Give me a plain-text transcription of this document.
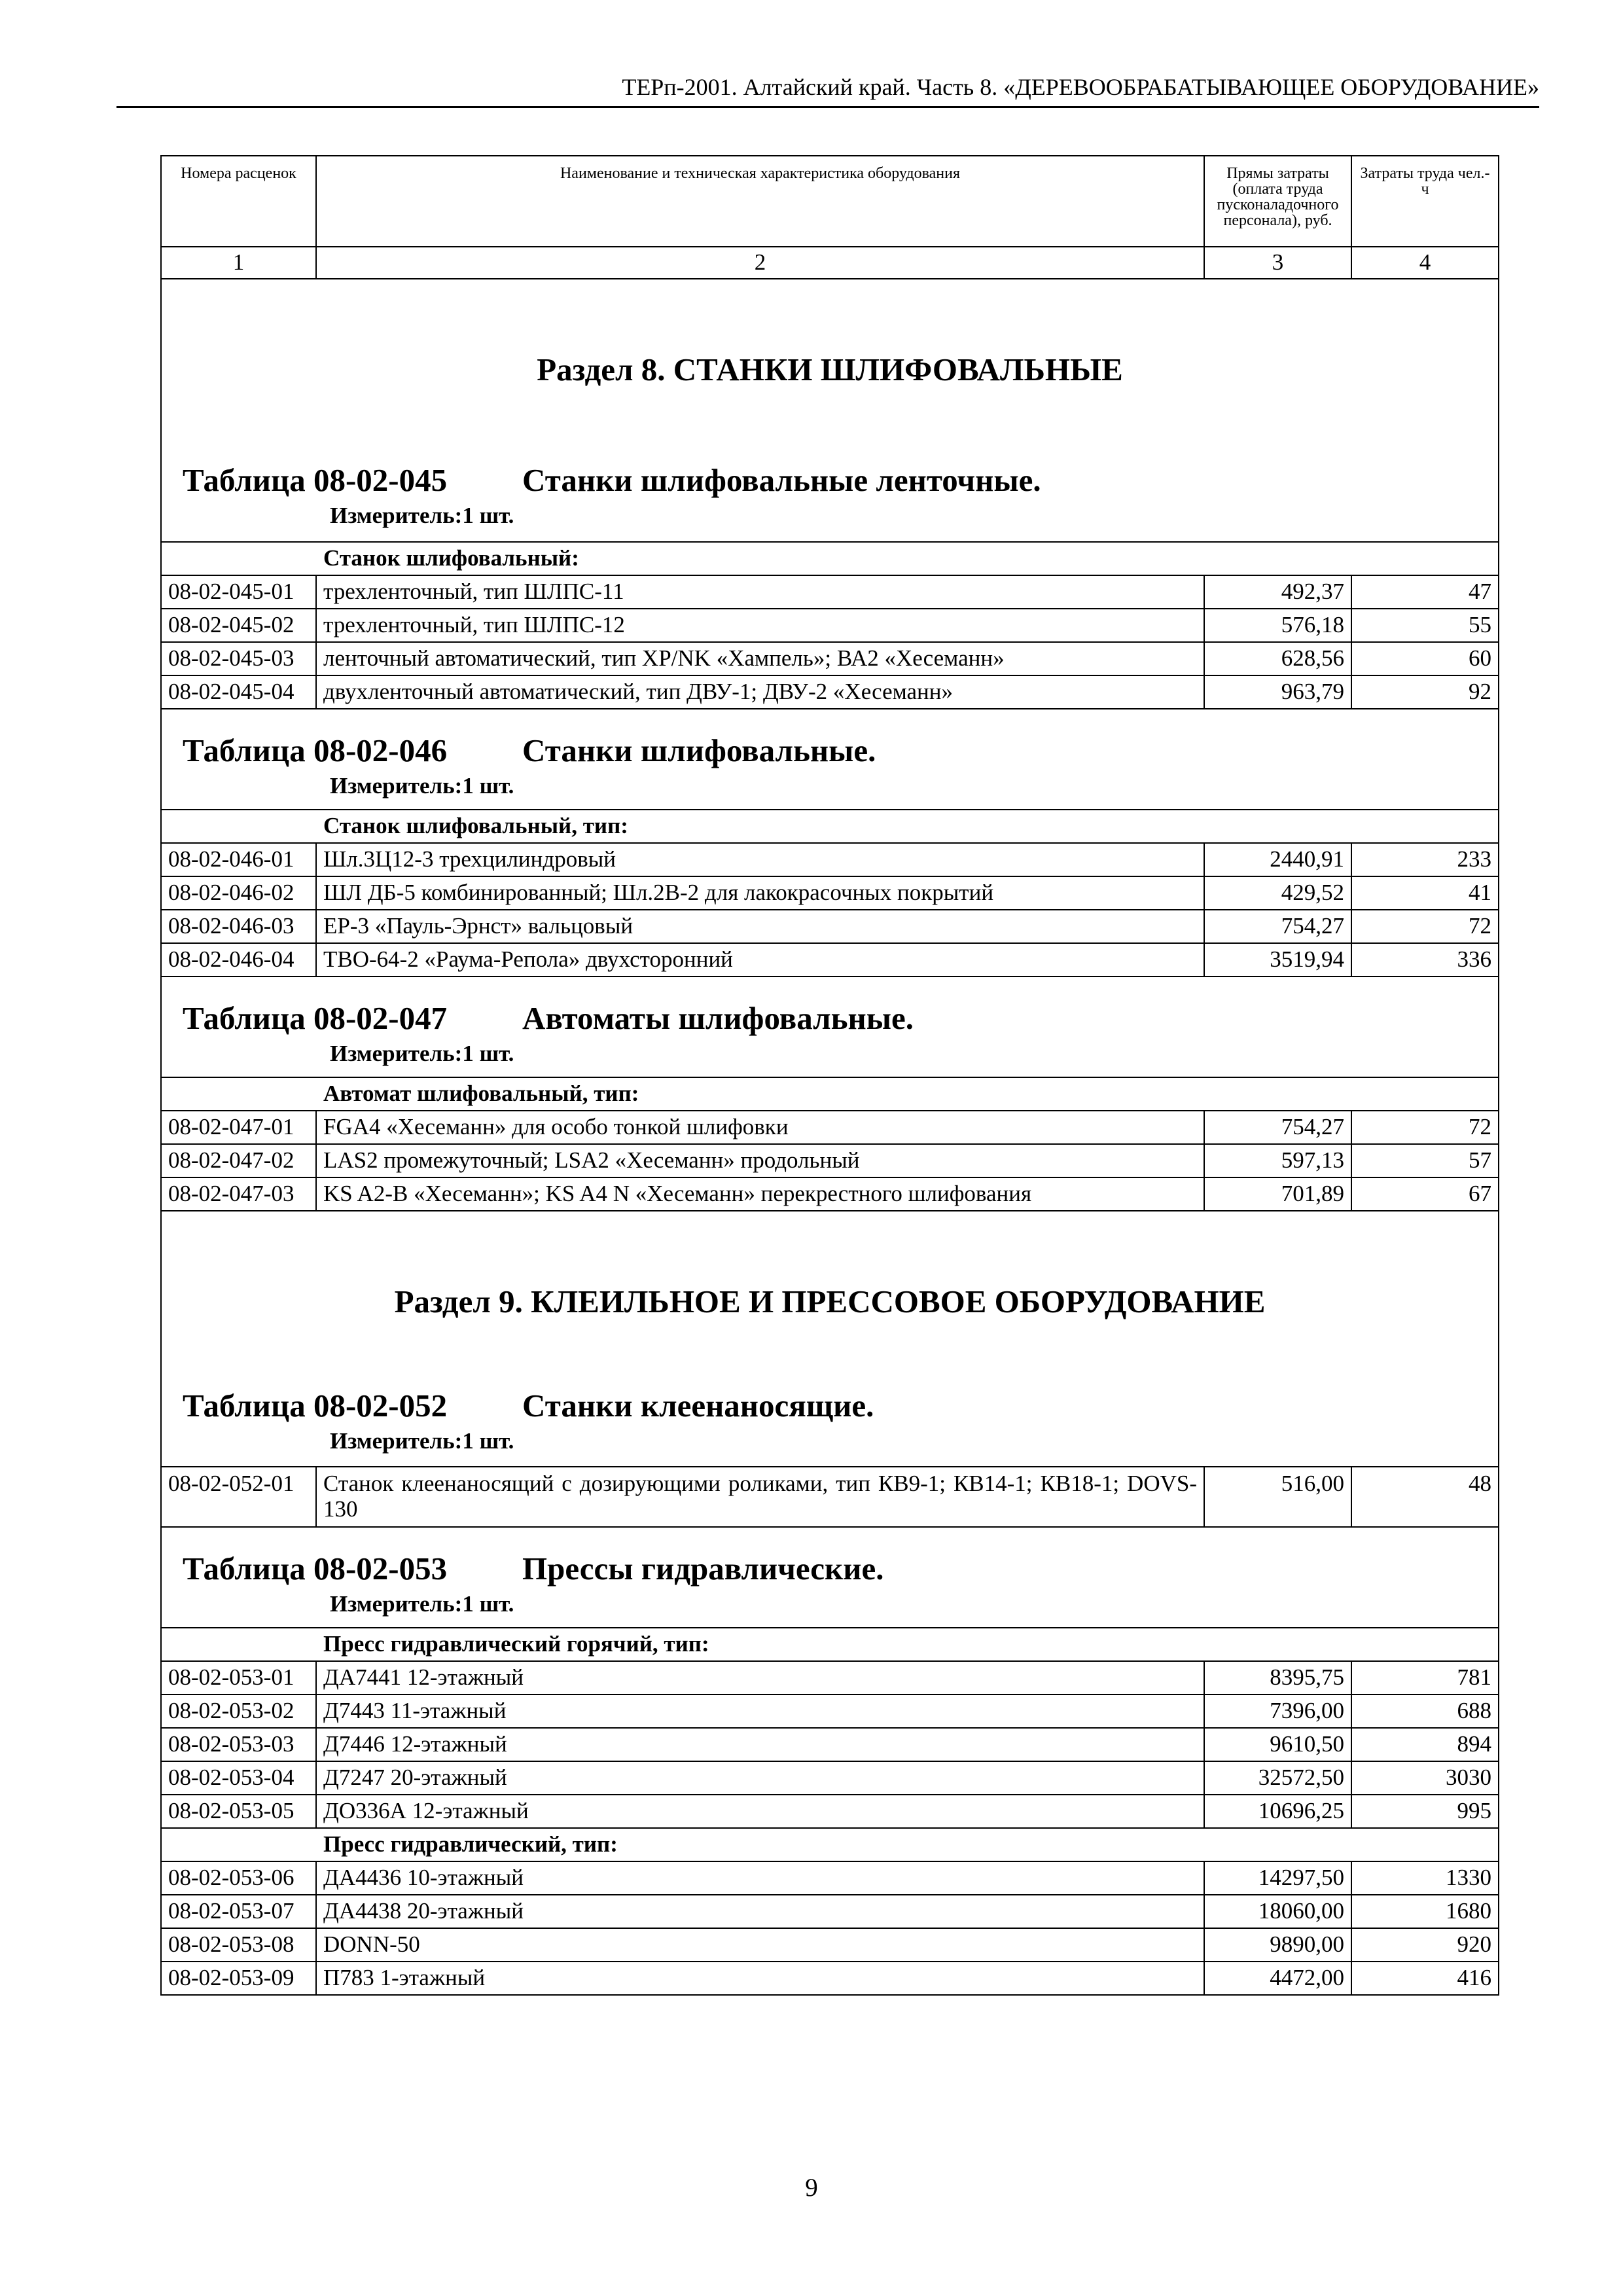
ТЕРп-2001. Алтайский край. Часть 8. «ДЕРЕВООБРАБАТЫВАЮЩЕЕ ОБОРУДОВАНИЕ»
Номера расценок	Наименование и техническая характеристика оборудования	Прямы затраты (оплата труда пусконаладочного персонала), руб.	Затраты труда чел.-ч
1	2	3	4

Раздел 8. СТАНКИ ШЛИФОВАЛЬНЫЕ
Таблица 08-02-045 Станки шлифовальные ленточные.
Измеритель:1 шт.			

Станок шлифовальный:			
08-02-045-01	трехленточный, тип ШЛПС-11	492,37	47
08-02-045-02	трехленточный, тип ШЛПС-12	576,18	55
08-02-045-03	ленточный автоматический, тип ХР/NK «Хампель»; ВА2 «Хесеманн»	628,56	60
08-02-045-04	двухленточный автоматический, тип ДВУ-1; ДВУ-2 «Хесеманн»	963,79	92

Таблица 08-02-046 Станки шлифовальные.
Измеритель:1 шт.			

Станок шлифовальный, тип:			
08-02-046-01	Шл.3Ц12-3 трехцилиндровый	2440,91	233
08-02-046-02	ШЛ ДБ-5 комбинированный; Шл.2В-2 для лакокрасочных покрытий	429,52	41
08-02-046-03	ЕР-3 «Пауль-Эрнст» вальцовый	754,27	72
08-02-046-04	ТВО-64-2 «Раума-Репола» двухсторонний	3519,94	336

Таблица 08-02-047 Автоматы шлифовальные.
Измеритель:1 шт.			

Автомат шлифовальный, тип:			
08-02-047-01	FGA4 «Хесеманн» для особо тонкой шлифовки	754,27	72
08-02-047-02	LAS2 промежуточный; LSA2 «Хесеманн» продольный	597,13	57
08-02-047-03	KS A2-B «Хесеманн»; KS A4 N «Хесеманн» перекрестного шлифования	701,89	67

Раздел 9. КЛЕИЛЬНОЕ И ПРЕССОВОЕ ОБОРУДОВАНИЕ
Таблица 08-02-052 Станки клеенаносящие.
Измеритель:1 шт.			

08-02-052-01	Станок клеенаносящий с дозирующими роликами, тип КВ9-1; КВ14-1; КВ18-1; DOVS-130	516,00	48

Таблица 08-02-053 Прессы гидравлические.
Измеритель:1 шт.			

Пресс гидравлический горячий, тип:			
08-02-053-01	ДА7441 12-этажный	8395,75	781
08-02-053-02	Д7443 11-этажный	7396,00	688
08-02-053-03	Д7446 12-этажный	9610,50	894
08-02-053-04	Д7247 20-этажный	32572,50	3030
08-02-053-05	ДО336А 12-этажный	10696,25	995
Пресс гидравлический, тип:			
08-02-053-06	ДА4436 10-этажный	14297,50	1330
08-02-053-07	ДА4438 20-этажный	18060,00	1680
08-02-053-08	DONN-50	9890,00	920
08-02-053-09	П783 1-этажный	4472,00	416
9
